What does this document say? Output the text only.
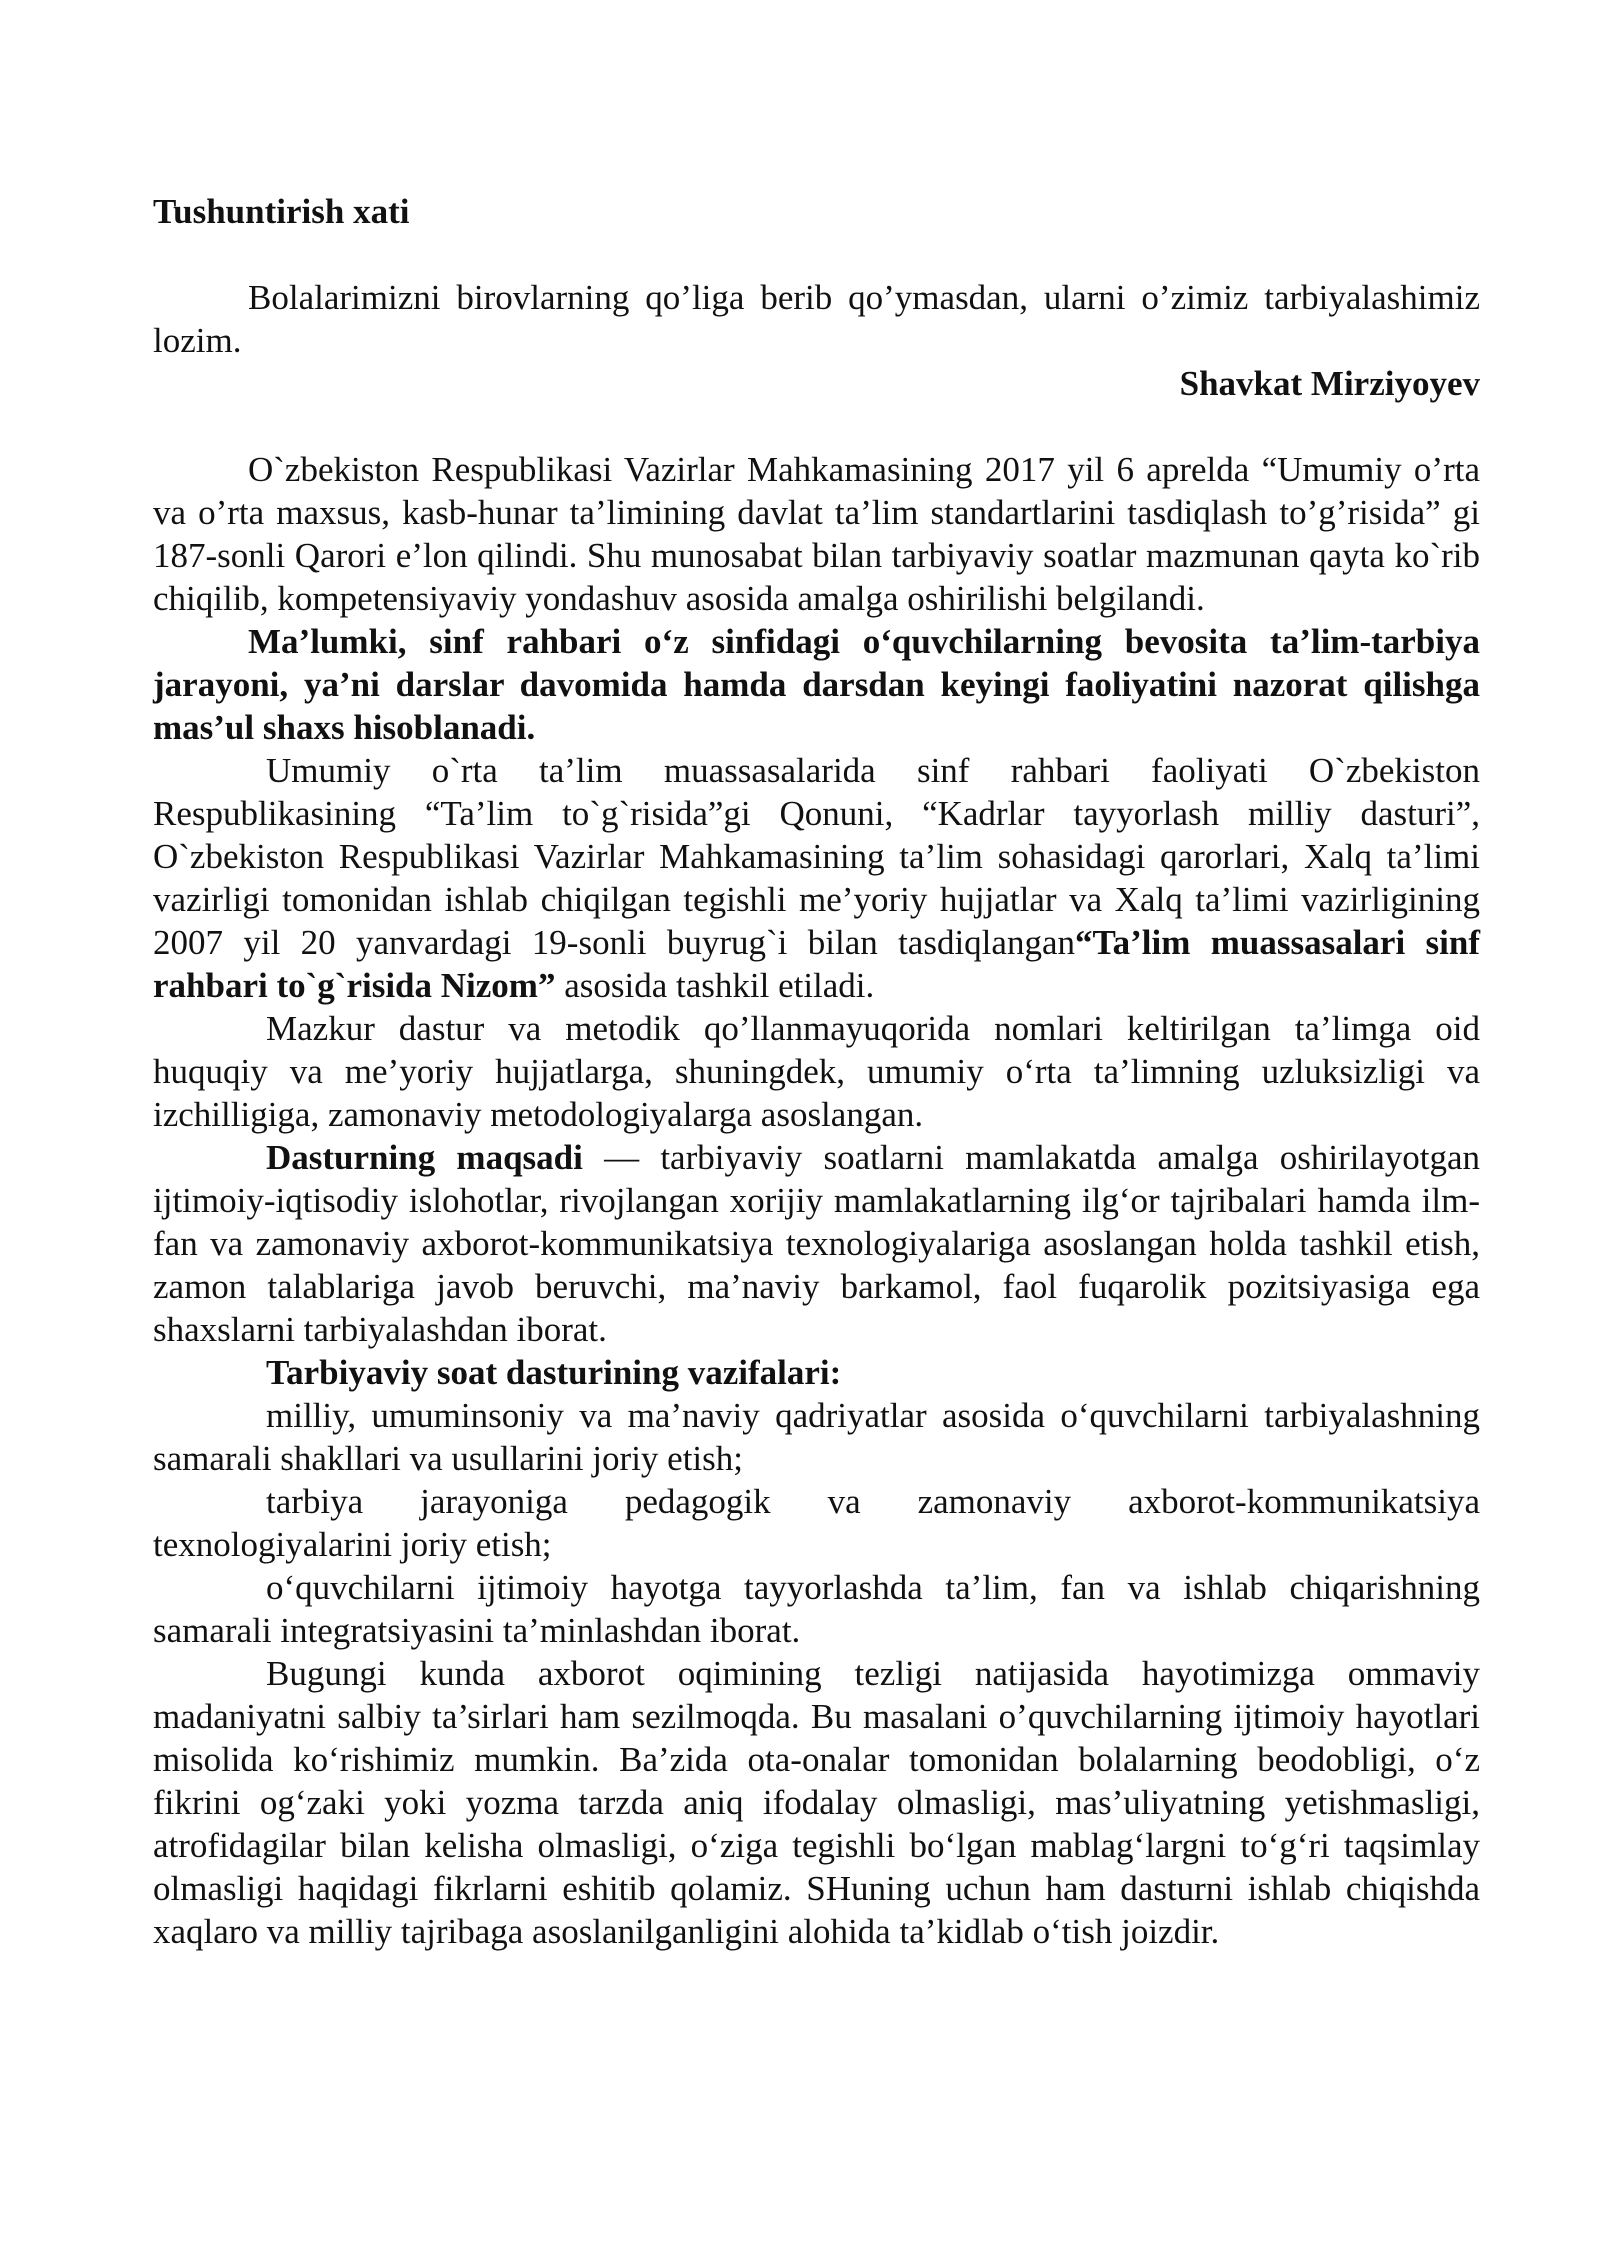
Tushuntirish xati

Bolalarimizni birovlarning qo’liga berib qo’ymasdan, ularni o’zimiz tarbiyalashimiz lozim.

Shavkat Mirziyoyev

O`zbekiston Respublikasi Vazirlar Mahkamasining 2017 yil 6 aprelda “Umumiy o’rta va o’rta maxsus, kasb-hunar ta’limining davlat ta’lim standartlarini tasdiqlash to’g’risida” gi 187-sonli Qarori e’lon qilindi. Shu munosabat bilan tarbiyaviy soatlar mazmunan qayta ko`rib chiqilib, kompetensiyaviy yondashuv asosida amalga oshirilishi belgilandi.

Ma’lumki, sinf rahbari o‘z sinfidagi o‘quvchilarning bevosita ta’lim-tarbiya jarayoni, ya’ni darslar davomida hamda darsdan keyingi faoliyatini nazorat qilishga mas’ul shaxs hisoblanadi.

Umumiy o`rta ta’lim muassasalarida sinf rahbari faoliyati O`zbekiston Respublikasining “Ta’lim to`g`risida”gi Qonuni, “Kadrlar tayyorlash milliy dasturi”, O`zbekiston Respublikasi Vazirlar Mahkamasining ta’lim sohasidagi qarorlari, Xalq ta’limi vazirligi tomonidan ishlab chiqilgan tegishli me’yoriy hujjatlar va Xalq ta’limi vazirligining 2007 yil 20 yanvardagi 19-sonli buyrug`i bilan tasdiqlangan“Ta’lim muassasalari sinf rahbari to`g`risida Nizom” asosida tashkil etiladi.

Mazkur dastur va metodik qo’llanmayuqorida nomlari keltirilgan ta’limga oid huquqiy va me’yoriy hujjatlarga, shuningdek, umumiy o‘rta ta’limning uzluksizligi va izchilligiga, zamonaviy metodologiyalarga asoslangan.

Dasturning maqsadi — tarbiyaviy soatlarni mamlakatda amalga oshirilayotgan ijtimoiy-iqtisodiy islohotlar, rivojlangan xorijiy mamlakatlarning ilg‘or tajribalari hamda ilm-fan va zamonaviy axborot-kommunikatsiya texnologiyalariga asoslangan holda tashkil etish, zamon talablariga javob beruvchi, ma’naviy barkamol, faol fuqarolik pozitsiyasiga ega shaxslarni tarbiyalashdan iborat.

Tarbiyaviy soat dasturining vazifalari:

milliy, umuminsoniy va ma’naviy qadriyatlar asosida o‘quvchilarni tarbiyalashning samarali shakllari va usullarini joriy etish;

tarbiya jarayoniga pedagogik va zamonaviy axborot-kommunikatsiya texnologiyalarini joriy etish;

o‘quvchilarni ijtimoiy hayotga tayyorlashda ta’lim, fan va ishlab chiqarishning samarali integratsiyasini ta’minlashdan iborat.

Bugungi kunda axborot oqimining tezligi natijasida hayotimizga ommaviy madaniyatni salbiy ta’sirlari ham sezilmoqda. Bu masalani o’quvchilarning ijtimoiy hayotlari misolida ko‘rishimiz mumkin. Ba’zida ota-onalar tomonidan bolalarning beodobligi, o‘z fikrini og‘zaki yoki yozma tarzda aniq ifodalay olmasligi, mas’uliyatning yetishmasligi, atrofidagilar bilan kelisha olmasligi, o‘ziga tegishli bo‘lgan mablag‘largni to‘g‘ri taqsimlay olmasligi haqidagi fikrlarni eshitib qolamiz. SHuning uchun ham dasturni ishlab chiqishda xaqlaro va milliy tajribaga asoslanilganligini alohida ta’kidlab o‘tish joizdir.
